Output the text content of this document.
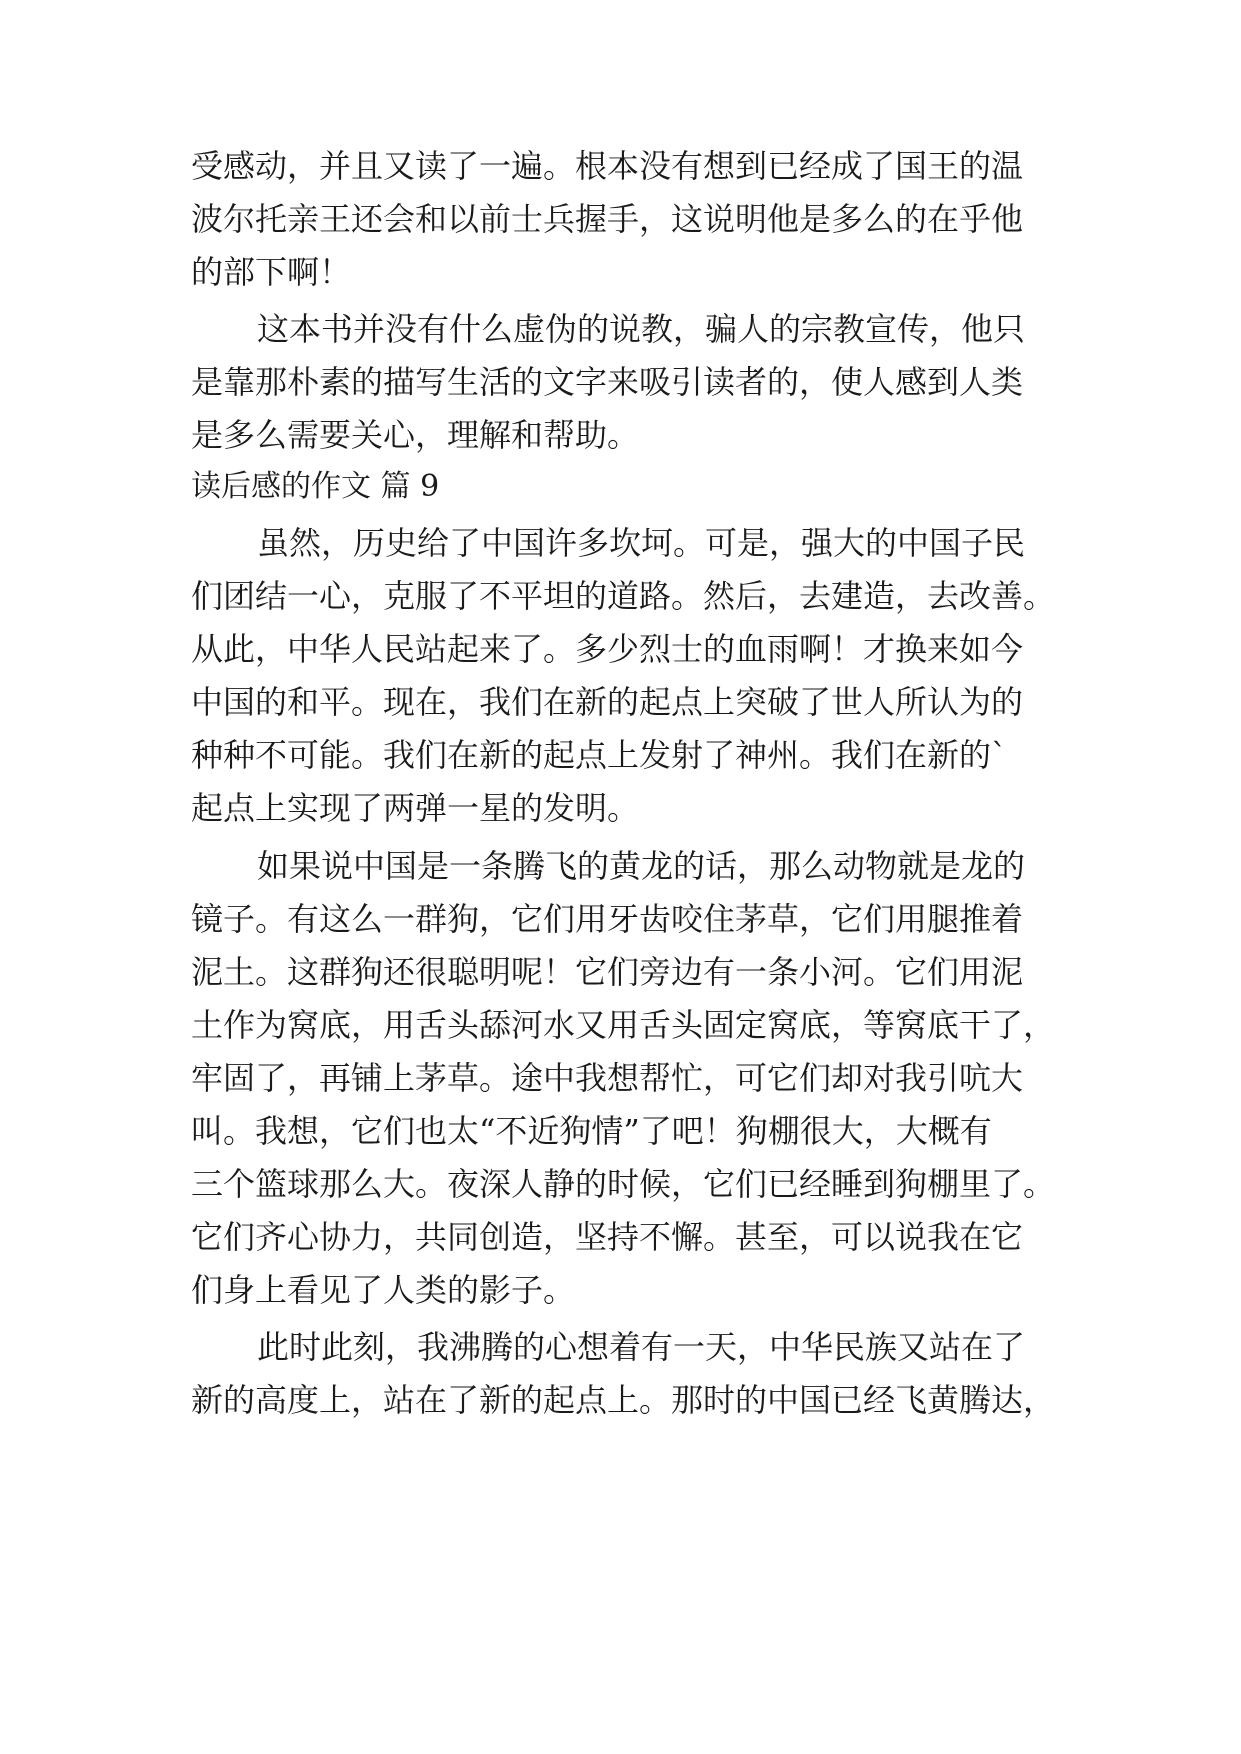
受感动，并且又读了一遍。根本没有想到已经成了国王的温
波尔托亲王还会和以前士兵握手，这说明他是多么的在乎他
的部下啊！
这本书并没有什么虚伪的说教，骗人的宗教宣传，他只
是靠那朴素的描写生活的文字来吸引读者的，使人感到人类
是多么需要关心，理解和帮助。
读后感的作文 篇 9
虽然，历史给了中国许多坎坷。可是，强大的中国子民
们团结一心，克服了不平坦的道路。然后，去建造，去改善。
从此，中华人民站起来了。多少烈士的血雨啊！才换来如今
中国的和平。现在，我们在新的起点上突破了世人所认为的
种种不可能。我们在新的起点上发射了神州。我们在新的`
起点上实现了两弹一星的发明。
如果说中国是一条腾飞的黄龙的话，那么动物就是龙的
镜子。有这么一群狗，它们用牙齿咬住茅草，它们用腿推着
泥土。这群狗还很聪明呢！它们旁边有一条小河。它们用泥
土作为窝底，用舌头舔河水又用舌头固定窝底，等窝底干了，
牢固了，再铺上茅草。途中我想帮忙，可它们却对我引吭大
叫。我想，它们也太“不近狗情”了吧！狗棚很大，大概有
三个篮球那么大。夜深人静的时候，它们已经睡到狗棚里了。
它们齐心协力，共同创造，坚持不懈。甚至，可以说我在它
们身上看见了人类的影子。
此时此刻，我沸腾的心想着有一天，中华民族又站在了
新的高度上，站在了新的起点上。那时的中国已经飞黄腾达，
